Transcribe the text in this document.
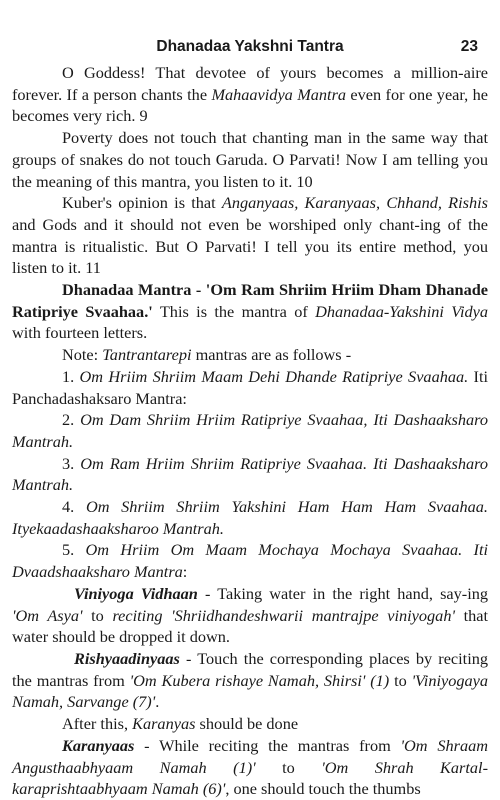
Dhanadaa Yakshni Tantra	23

O Goddess! That devotee of yours becomes a million-aire forever. If a person chants the Mahaavidya Mantra even for one year, he becomes very rich. 9

Poverty does not touch that chanting man in the same way that groups of snakes do not touch Garuda. O Parvati! Now I am telling you the meaning of this mantra, you listen to it. 10

Kuber's opinion is that Anganyaas, Karanyaas, Chhand, Rishis and Gods and it should not even be worshiped only chant-ing of the mantra is ritualistic. But O Parvati! I tell you its entire method, you listen to it. 11

Dhanadaa Mantra - 'Om Ram Shriim Hriim Dham Dhanade Ratipriye Svaahaa.' This is the mantra of Dhanadaa-Yakshini Vidya with fourteen letters.

Note: Tantrantarepi mantras are as follows -

1. Om Hriim Shriim Maam Dehi Dhande Ratipriye Svaahaa. Iti Panchadashaksaro Mantra:

2. Om Dam Shriim Hriim Ratipriye Svaahaa, Iti Dashaaksharo Mantrah.

3. Om Ram Hriim Shriim Ratipriye Svaahaa. Iti Dashaaksharo Mantrah.

4. Om Shriim Shriim Yakshini Ham Ham Ham Svaahaa. Ityekaadashaaksharoo Mantrah.

5. Om Hriim Om Maam Mochaya Mochaya Svaahaa. Iti Dvaadshaaksharo Mantra:

Viniyoga Vidhaan - Taking water in the right hand, say-ing 'Om Asya' to reciting 'Shriidhandeshwarii mantrajpe viniyogah' that water should be dropped it down.

Rishyaadinyaas - Touch the corresponding places by reciting the mantras from 'Om Kubera rishaye Namah, Shirsi' (1) to 'Viniyogaya Namah, Sarvange (7)'.

After this, Karanyas should be done

Karanyaas - While reciting the mantras from 'Om Shraam Angusthaabhyaam Namah (1)' to 'Om Shrah Kartal-karaprishtaabhyaam Namah (6)', one should touch the thumbs
